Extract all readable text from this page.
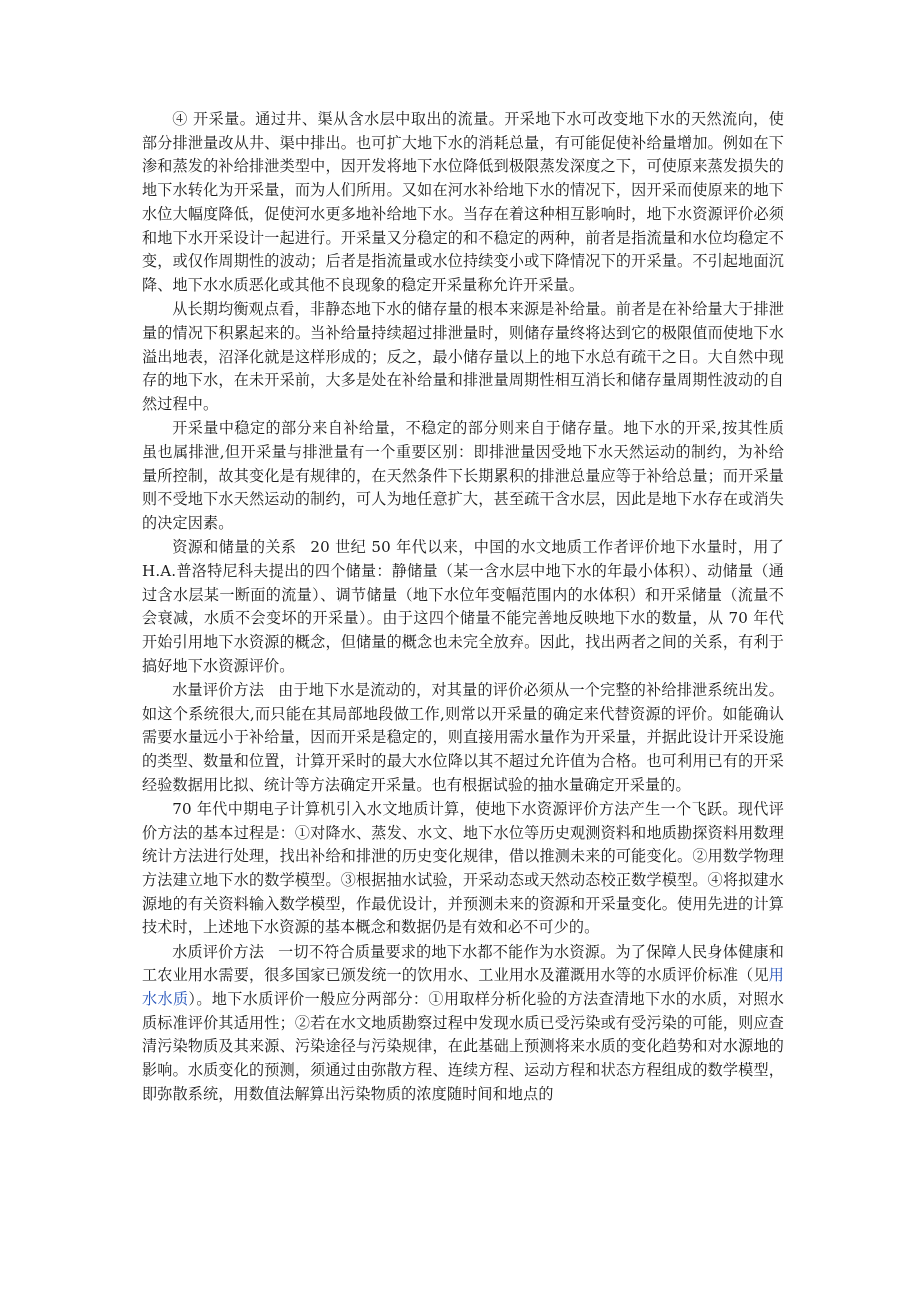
④ 开采量。通过井、渠从含水层中取出的流量。开采地下水可改变地下水的天然流向，使部分排泄量改从井、渠中排出。也可扩大地下水的消耗总量，有可能促使补给量增加。例如在下渗和蒸发的补给排泄类型中，因开发将地下水位降低到极限蒸发深度之下，可使原来蒸发损失的地下水转化为开采量，而为人们所用。又如在河水补给地下水的情况下，因开采而使原来的地下水位大幅度降低，促使河水更多地补给地下水。当存在着这种相互影响时，地下水资源评价必须和地下水开采设计一起进行。开采量又分稳定的和不稳定的两种，前者是指流量和水位均稳定不变，或仅作周期性的波动；后者是指流量或水位持续变小或下降情况下的开采量。不引起地面沉降、地下水水质恶化或其他不良现象的稳定开采量称允许开采量。

从长期均衡观点看，非静态地下水的储存量的根本来源是补给量。前者是在补给量大于排泄量的情况下积累起来的。当补给量持续超过排泄量时，则储存量终将达到它的极限值而使地下水溢出地表，沼泽化就是这样形成的；反之，最小储存量以上的地下水总有疏干之日。大自然中现存的地下水，在未开采前，大多是处在补给量和排泄量周期性相互消长和储存量周期性波动的自然过程中。

开采量中稳定的部分来自补给量，不稳定的部分则来自于储存量。地下水的开采,按其性质虽也属排泄,但开采量与排泄量有一个重要区别：即排泄量因受地下水天然运动的制约，为补给量所控制，故其变化是有规律的，在天然条件下长期累积的排泄总量应等于补给总量；而开采量则不受地下水天然运动的制约，可人为地任意扩大，甚至疏干含水层，因此是地下水存在或消失的决定因素。

资源和储量的关系 20 世纪 50 年代以来，中国的水文地质工作者评价地下水量时，用了 H.A.普洛特尼科夫提出的四个储量：静储量（某一含水层中地下水的年最小体积）、动储量（通过含水层某一断面的流量）、调节储量（地下水位年变幅范围内的水体积）和开采储量（流量不会衰减，水质不会变坏的开采量）。由于这四个储量不能完善地反映地下水的数量，从 70 年代开始引用地下水资源的概念，但储量的概念也未完全放弃。因此，找出两者之间的关系，有利于搞好地下水资源评价。

水量评价方法 由于地下水是流动的，对其量的评价必须从一个完整的补给排泄系统出发。如这个系统很大,而只能在其局部地段做工作,则常以开采量的确定来代替资源的评价。如能确认需要水量远小于补给量，因而开采是稳定的，则直接用需水量作为开采量，并据此设计开采设施的类型、数量和位置，计算开采时的最大水位降以其不超过允许值为合格。也可利用已有的开采经验数据用比拟、统计等方法确定开采量。也有根据试验的抽水量确定开采量的。

70 年代中期电子计算机引入水文地质计算，使地下水资源评价方法产生一个飞跃。现代评价方法的基本过程是：①对降水、蒸发、水文、地下水位等历史观测资料和地质勘探资料用数理统计方法进行处理，找出补给和排泄的历史变化规律，借以推测未来的可能变化。②用数学物理方法建立地下水的数学模型。③根据抽水试验，开采动态或天然动态校正数学模型。④将拟建水源地的有关资料输入数学模型，作最优设计，并预测未来的资源和开采量变化。使用先进的计算技术时，上述地下水资源的基本概念和数据仍是有效和必不可少的。

水质评价方法 一切不符合质量要求的地下水都不能作为水资源。为了保障人民身体健康和工农业用水需要，很多国家已颁发统一的饮用水、工业用水及灌溉用水等的水质评价标准（见用水水质）。地下水质评价一般应分两部分：①用取样分析化验的方法查清地下水的水质，对照水质标准评价其适用性；②若在水文地质勘察过程中发现水质已受污染或有受污染的可能，则应查清污染物质及其来源、污染途径与污染规律，在此基础上预测将来水质的变化趋势和对水源地的影响。水质变化的预测，须通过由弥散方程、连续方程、运动方程和状态方程组成的数学模型，即弥散系统，用数值法解算出污染物质的浓度随时间和地点的
